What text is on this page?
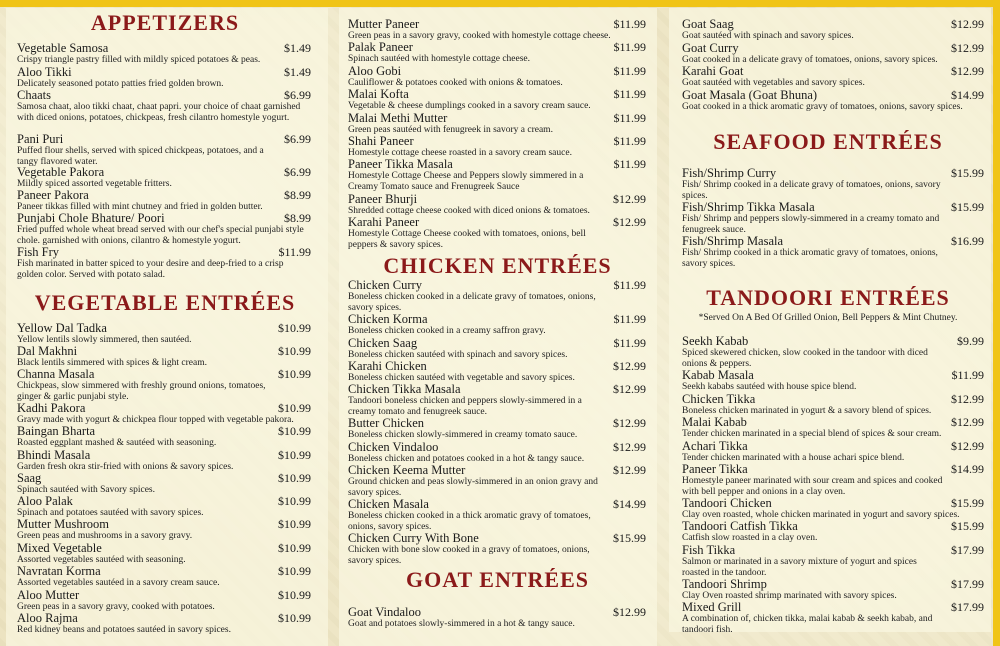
APPETIZERS
Vegetable Samosa	$1.49
Crispy triangle pastry filled with mildly spiced potatoes & peas.
Aloo Tikki	$1.49
Delicately seasoned potato patties fried golden brown.
Chaats	$6.99
Samosa chaat, aloo tikki chaat, chaat papri. your choice of chaat garnished with diced onions, potatoes, chickpeas, fresh cilantro homestyle yogurt.
Pani Puri	$6.99
Puffed flour shells, served with spiced chickpeas, potatoes, and a tangy flavored water.
Vegetable Pakora	$6.99
Mildly spiced assorted vegetable fritters.
Paneer Pakora	$8.99
Paneer tikkas filled with mint chutney and fried in golden butter.
Punjabi Chole Bhature/ Poori	$8.99
Fried puffed whole wheat bread served with our chef's special punjabi style chole. garnished with onions, cilantro & homestyle yogurt.
Fish Fry	$11.99
Fish marinated in batter spiced to your desire and deep-fried to a crisp golden color. Served with potato salad.
VEGETABLE ENTRÉES
Yellow Dal Tadka	$10.99
Yellow lentils slowly simmered, then sautéed.
Dal Makhni	$10.99
Black lentils simmered with spices & light cream.
Channa Masala	$10.99
Chickpeas, slow simmered with freshly ground onions, tomatoes, ginger & garlic punjabi style.
Kadhi Pakora	$10.99
Gravy made with yogurt & chickpea flour topped with vegetable pakora.
Baingan Bharta	$10.99
Roasted eggplant mashed & sautéed with seasoning.
Bhindi Masala	$10.99
Garden fresh okra stir-fried with onions & savory spices.
Saag	$10.99
Spinach sautéed with Savory spices.
Aloo Palak	$10.99
Spinach and potatoes sautéed with savory spices.
Mutter Mushroom	$10.99
Green peas and mushrooms in a savory gravy.
Mixed Vegetable	$10.99
Assorted vegetables sautéed with seasoning.
Navratan Korma	$10.99
Assorted vegetables sautéed in a savory cream sauce.
Aloo Mutter	$10.99
Green peas in a savory gravy, cooked with potatoes.
Aloo Rajma	$10.99
Red kidney beans and potatoes sautéed in savory spices.
Mutter Paneer	$11.99
Green peas in a savory gravy, cooked with homestyle cottage cheese.
Palak Paneer	$11.99
Spinach sautéed with homestyle cottage cheese.
Aloo Gobi	$11.99
Cauliflower & potatoes cooked with onions & tomatoes.
Malai Kofta	$11.99
Vegetable & cheese dumplings cooked in a savory cream sauce.
Malai Methi Mutter	$11.99
Green peas sautéed with fenugreek in savory a cream.
Shahi Paneer	$11.99
Homestyle cottage cheese roasted in a savory cream sauce.
Paneer Tikka Masala	$11.99
Homestyle Cottage Cheese and Peppers slowly simmered in a Creamy Tomato sauce and Frenugreek Sauce
Paneer Bhurji	$12.99
Shredded cottage cheese cooked with diced onions & tomatoes.
Karahi Paneer	$12.99
Homestyle Cottage Cheese cooked with tomatoes, onions, bell peppers & savory spices.
CHICKEN ENTRÉES
Chicken Curry	$11.99
Boneless chicken cooked in a delicate gravy of tomatoes, onions, savory spices.
Chicken Korma	$11.99
Boneless chicken cooked in a creamy saffron gravy.
Chicken Saag	$11.99
Boneless chicken sautéed with spinach and savory spices.
Karahi Chicken	$12.99
Boneless chicken sautéed with vegetable and savory spices.
Chicken Tikka Masala	$12.99
Tandoori boneless chicken and peppers slowly-simmered in a creamy tomato and fenugreek sauce.
Butter Chicken	$12.99
Boneless chicken slowly-simmered in creamy tomato sauce.
Chicken Vindaloo	$12.99
Boneless chicken and potatoes cooked in a hot & tangy sauce.
Chicken Keema Mutter	$12.99
Ground chicken and peas slowly-simmered in an onion gravy and savory spices.
Chicken Masala	$14.99
Boneless chicken cooked in a thick aromatic gravy of tomatoes, onions, savory spices.
Chicken Curry With Bone	$15.99
Chicken with bone slow cooked in a gravy of tomatoes, onions, savory spices.
GOAT ENTRÉES
Goat Vindaloo	$12.99
Goat and potatoes slowly-simmered in a hot & tangy sauce.
Goat Saag	$12.99
Goat sautéed with spinach and savory spices.
Goat Curry	$12.99
Goat cooked in a delicate gravy of tomatoes, onions, savory spices.
Karahi Goat	$12.99
Goat sautéed with vegetables and savory spices.
Goat Masala (Goat Bhuna)	$14.99
Goat cooked in a thick aromatic gravy of tomatoes, onions, savory spices.
SEAFOOD ENTRÉES
Fish/Shrimp Curry	$15.99
Fish/ Shrimp cooked in a delicate gravy of tomatoes, onions, savory spices.
Fish/Shrimp Tikka Masala	$15.99
Fish/ Shrimp and peppers slowly-simmered in a creamy tomato and fenugreek sauce.
Fish/Shrimp Masala	$16.99
Fish/ Shrimp cooked in a thick aromatic gravy of tomatoes, onions, savory spices.
TANDOORI ENTRÉES
*Served On A Bed Of Grilled Onion, Bell Peppers & Mint Chutney.
Seekh Kabab	$9.99
Spiced skewered chicken, slow cooked in the tandoor with diced onions & peppers.
Kabab Masala	$11.99
Seekh kababs sautéed with house spice blend.
Chicken Tikka	$12.99
Boneless chicken marinated in yogurt & a savory blend of spices.
Malai Kabab	$12.99
Tender chicken marinated in a special blend of spices & sour cream.
Achari Tikka	$12.99
Tender chicken marinated with a house achari spice blend.
Paneer Tikka	$14.99
Homestyle paneer marinated with sour cream and spices and cooked with bell pepper and onions in a clay oven.
Tandoori Chicken	$15.99
Clay oven roasted, whole chicken marinated in yogurt and savory spices.
Tandoori Catfish Tikka	$15.99
Catfish slow roasted in a clay oven.
Fish Tikka	$17.99
Salmon or marinated in a savory mixture of yogurt and spices roasted in the tandoor.
Tandoori Shrimp	$17.99
Clay Oven roasted shrimp marinated with savory spices.
Mixed Grill	$17.99
A combination of, chicken tikka, malai kabab & seekh kabab, and tandoori fish.
